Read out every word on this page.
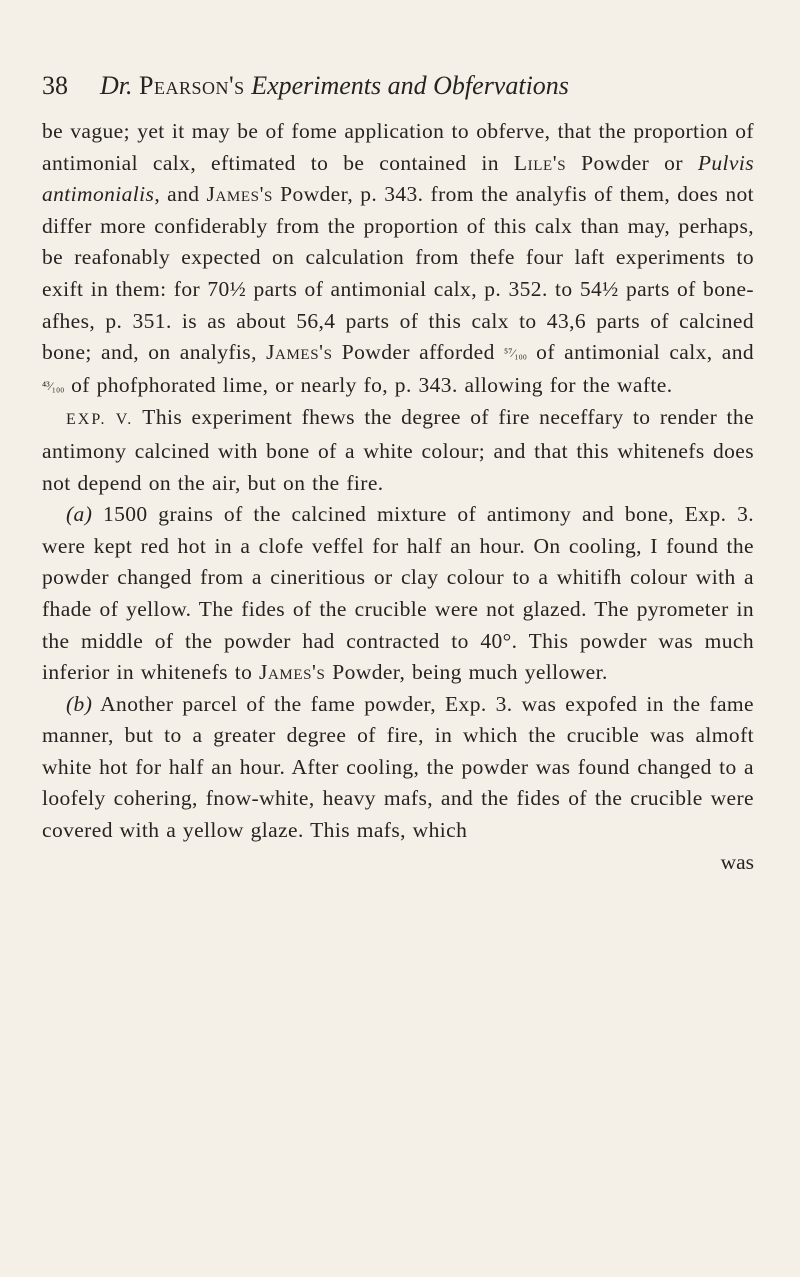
38 Dr. Pearson's Experiments and Obfervations

be vague; yet it may be of fome application to obferve, that the proportion of antimonial calx, eftimated to be contained in Lile's Powder or Pulvis antimonialis, and James's Powder, p. 343. from the analyfis of them, does not differ more confiderably from the proportion of this calx than may, perhaps, be reafonably expected on calculation from thefe four laft experiments to exift in them: for 70½ parts of antimonial calx, p. 352. to 54½ parts of bone-afhes, p. 351. is as about 56,4 parts of this calx to 43,6 parts of calcined bone; and, on analyfis, James's Powder afforded ⁵⁷⁄₁₀₀ of antimonial calx, and ⁴³⁄₁₀₀ of phofphorated lime, or nearly fo, p. 343. allowing for the wafte.

EXP. V. This experiment fhews the degree of fire neceffary to render the antimony calcined with bone of a white colour; and that this whitenefs does not depend on the air, but on the fire.

(a) 1500 grains of the calcined mixture of antimony and bone, Exp. 3. were kept red hot in a clofe veffel for half an hour. On cooling, I found the powder changed from a cineritious or clay colour to a whitifh colour with a fhade of yellow. The fides of the crucible were not glazed. The pyrometer in the middle of the powder had contracted to 40°. This powder was much inferior in whitenefs to James's Powder, being much yellower.

(b) Another parcel of the fame powder, Exp. 3. was expofed in the fame manner, but to a greater degree of fire, in which the crucible was almoft white hot for half an hour. After cooling, the powder was found changed to a loofely cohering, fnow-white, heavy mafs, and the fides of the crucible were covered with a yellow glaze. This mafs, which

was
